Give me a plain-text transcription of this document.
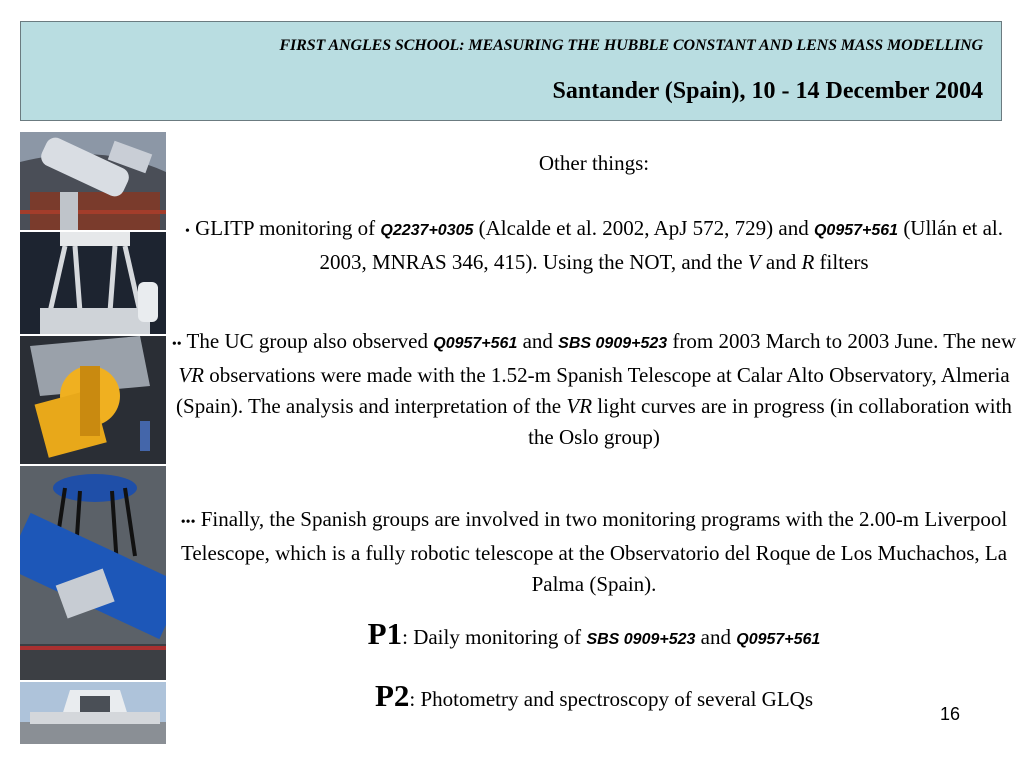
FIRST ANGLES SCHOOL: MEASURING THE HUBBLE CONSTANT AND LENS MASS MODELLING
Santander (Spain), 10 - 14 December 2004
Other things:
• GLITP monitoring of Q2237+0305 (Alcalde et al. 2002, ApJ 572, 729) and Q0957+561 (Ullán et al. 2003, MNRAS 346, 415). Using the NOT, and the V and R filters
•• The UC group also observed Q0957+561 and SBS 0909+523 from 2003 March to 2003 June. The new VR observations were made with the 1.52-m Spanish Telescope at Calar Alto Observatory, Almeria (Spain). The analysis and interpretation of the VR light curves are in progress (in collaboration with the Oslo group)
••• Finally, the Spanish groups are involved in two monitoring programs with the 2.00-m Liverpool Telescope, which is a fully robotic telescope at the Observatorio del Roque de Los Muchachos, La Palma (Spain).
P1: Daily monitoring of SBS 0909+523 and Q0957+561
P2: Photometry and spectroscopy of several GLQs
16
